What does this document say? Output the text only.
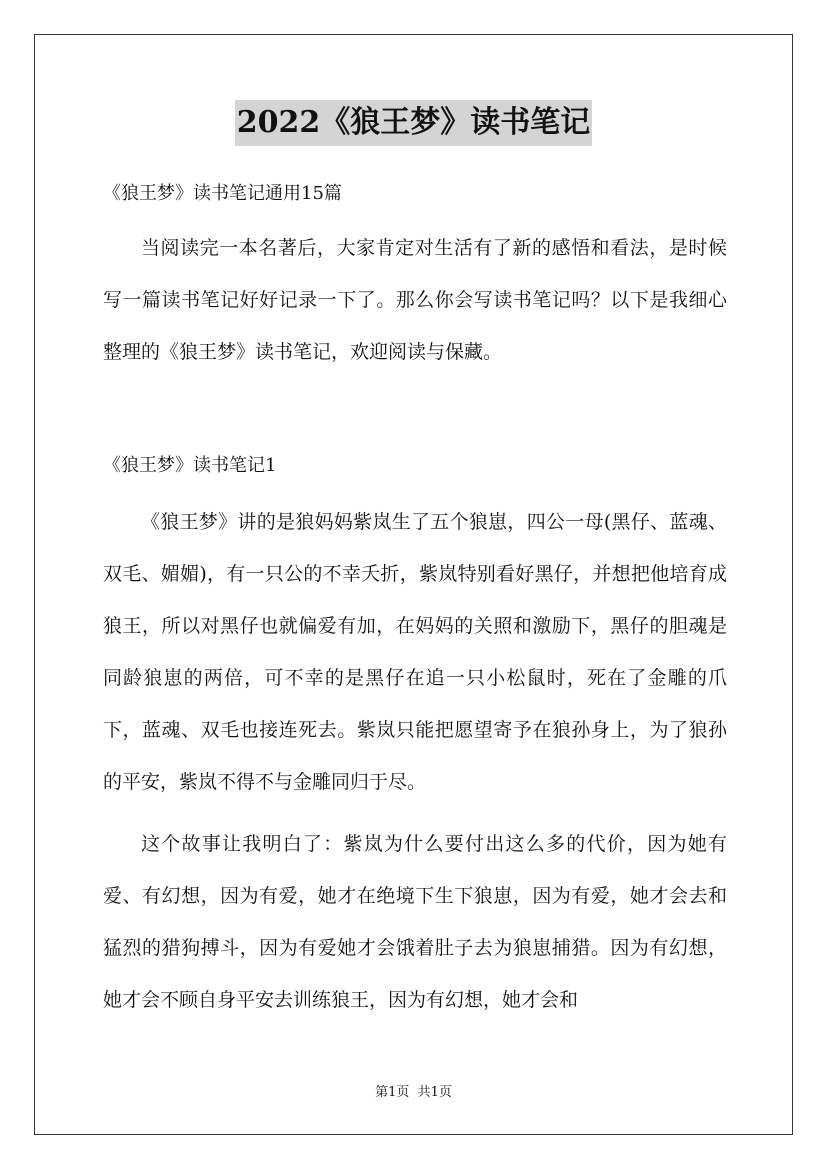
2022《狼王梦》读书笔记
《狼王梦》读书笔记通用15篇

当阅读完一本名著后，大家肯定对生活有了新的感悟和看法，是时候写一篇读书笔记好好记录一下了。那么你会写读书笔记吗？以下是我细心整理的《狼王梦》读书笔记，欢迎阅读与保藏。

《狼王梦》读书笔记1

《狼王梦》讲的是狼妈妈紫岚生了五个狼崽，四公一母(黑仔、蓝魂、双毛、媚媚)，有一只公的不幸夭折，紫岚特别看好黑仔，并想把他培育成狼王，所以对黑仔也就偏爱有加，在妈妈的关照和激励下，黑仔的胆魂是同龄狼崽的两倍，可不幸的是黑仔在追一只小松鼠时，死在了金雕的爪下，蓝魂、双毛也接连死去。紫岚只能把愿望寄予在狼孙身上，为了狼孙的平安，紫岚不得不与金雕同归于尽。

这个故事让我明白了：紫岚为什么要付出这么多的代价，因为她有爱、有幻想，因为有爱，她才在绝境下生下狼崽，因为有爱，她才会去和猛烈的猎狗搏斗，因为有爱她才会饿着肚子去为狼崽捕猎。因为有幻想，她才会不顾自身平安去训练狼王，因为有幻想，她才会和

第1页  共1页
